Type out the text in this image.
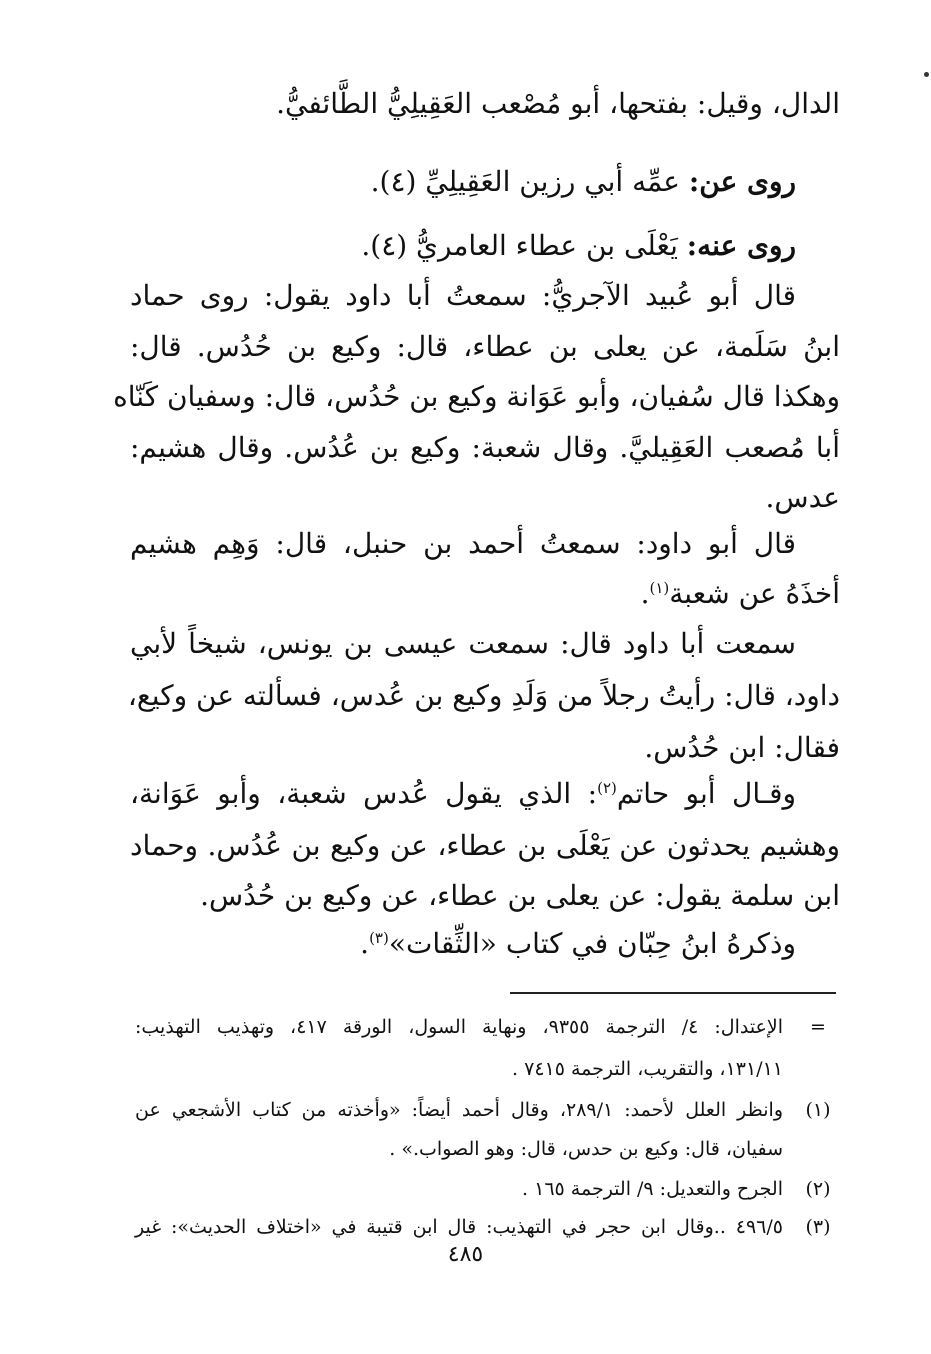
الدال، وقيل: بفتحها، أبو مُصْعب العَقِيلِيُّ الطَّائفيُّ.
روى عن: عمِّه أبي رزين العَقِيلِيِّ (٤).
روى عنه: يَعْلَى بن عطاء العامريُّ (٤).
قال أبو عُبيد الآجريُّ: سمعتُ أبا داود يقول: روى حماد
ابنُ سَلَمة، عن يعلى بن عطاء، قال: وكيع بن حُدُس. قال:
وهكذا قال سُفيان، وأبو عَوَانة وكيع بن حُدُس، قال: وسفيان كَنّاه
أبا مُصعب العَقِيليَّ. وقال شعبة: وكيع بن عُدُس. وقال هشيم:
عدس.
قال أبو داود: سمعتُ أحمد بن حنبل، قال: وَهِم هشيم
أخذَهُ عن شعبة$^{(١)}$.
سمعت أبا داود قال: سمعت عيسى بن يونس، شيخاً لأبي
داود، قال: رأيتُ رجلاً من وَلَدِ وكيع بن عُدس، فسألته عن وكيع،
فقال: ابن حُدُس.
وقـال أبو حاتم$^{(٢)}$: الذي يقول عُدس شعبة، وأبو عَوَانة،
وهشيم يحدثون عن يَعْلَى بن عطاء، عن وكيع بن عُدُس. وحماد
ابن سلمة يقول: عن يعلى بن عطاء، عن وكيع بن حُدُس.
وذكرهُ ابنُ حِبّان في كتاب «الثِّقات»$^{(٣)}$.
=
الإعتدال: ٤/ الترجمة ٩٣٥٥، ونهاية السول، الورقة ٤١٧، وتهذيب التهذيب:
١٣١/١١، والتقريب، الترجمة ٧٤١٥ .
(١)
وانظر العلل لأحمد: ٢٨٩/١، وقال أحمد أيضاً: «وأخذته من كتاب الأشجعي عن
سفيان، قال: وكيع بن حدس، قال: وهو الصواب.» .
(٢)
الجرح والتعديل: ٩/ الترجمة ١٦٥ .
(٣)
٤٩٦/٥ ..وقال ابن حجر في التهذيب: قال ابن قتيبة في «اختلاف الحديث»: غير
٤٨٥
